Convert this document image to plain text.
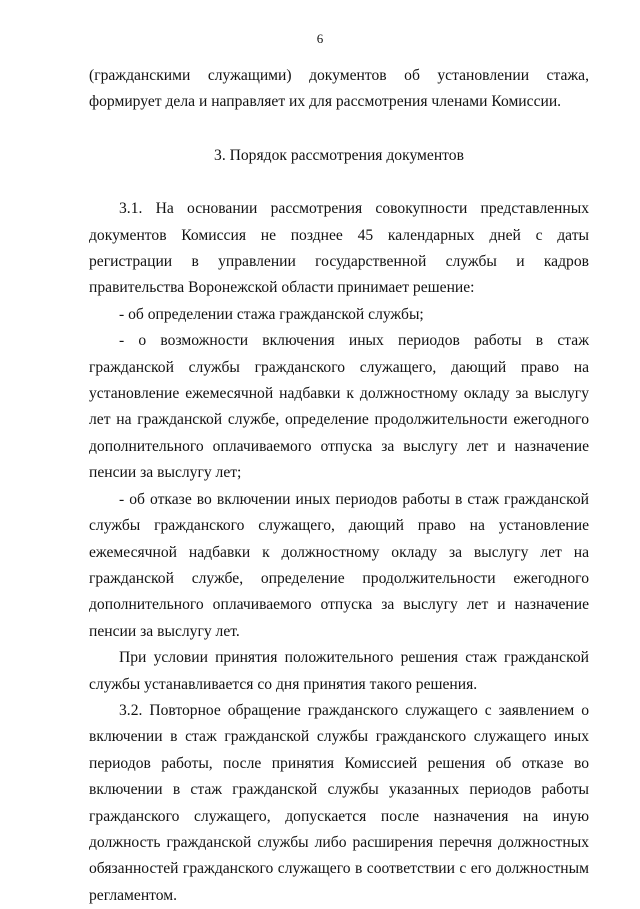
6

(гражданскими служащими) документов об установлении стажа, формирует дела и направляет их для рассмотрения членами Комиссии.

3. Порядок рассмотрения документов

3.1. На основании рассмотрения совокупности представленных документов Комиссия не позднее 45 календарных дней с даты регистрации в управлении государственной службы и кадров правительства Воронежской области принимает решение:

- об определении стажа гражданской службы;

- о возможности включения иных периодов работы в стаж гражданской службы гражданского служащего, дающий право на установление ежемесячной надбавки к должностному окладу за выслугу лет на гражданской службе, определение продолжительности ежегодного дополнительного оплачиваемого отпуска за выслугу лет и назначение пенсии за выслугу лет;

- об отказе во включении иных периодов работы в стаж гражданской службы гражданского служащего, дающий право на установление ежемесячной надбавки к должностному окладу за выслугу лет на гражданской службе, определение продолжительности ежегодного дополнительного оплачиваемого отпуска за выслугу лет и назначение пенсии за выслугу лет.

При условии принятия положительного решения стаж гражданской службы устанавливается со дня принятия такого решения.

3.2. Повторное обращение гражданского служащего с заявлением о включении в стаж гражданской службы гражданского служащего иных периодов работы, после принятия Комиссией решения об отказе во включении в стаж гражданской службы указанных периодов работы гражданского служащего, допускается после назначения на иную должность гражданской службы либо расширения перечня должностных обязанностей гражданского служащего в соответствии с его должностным регламентом.
